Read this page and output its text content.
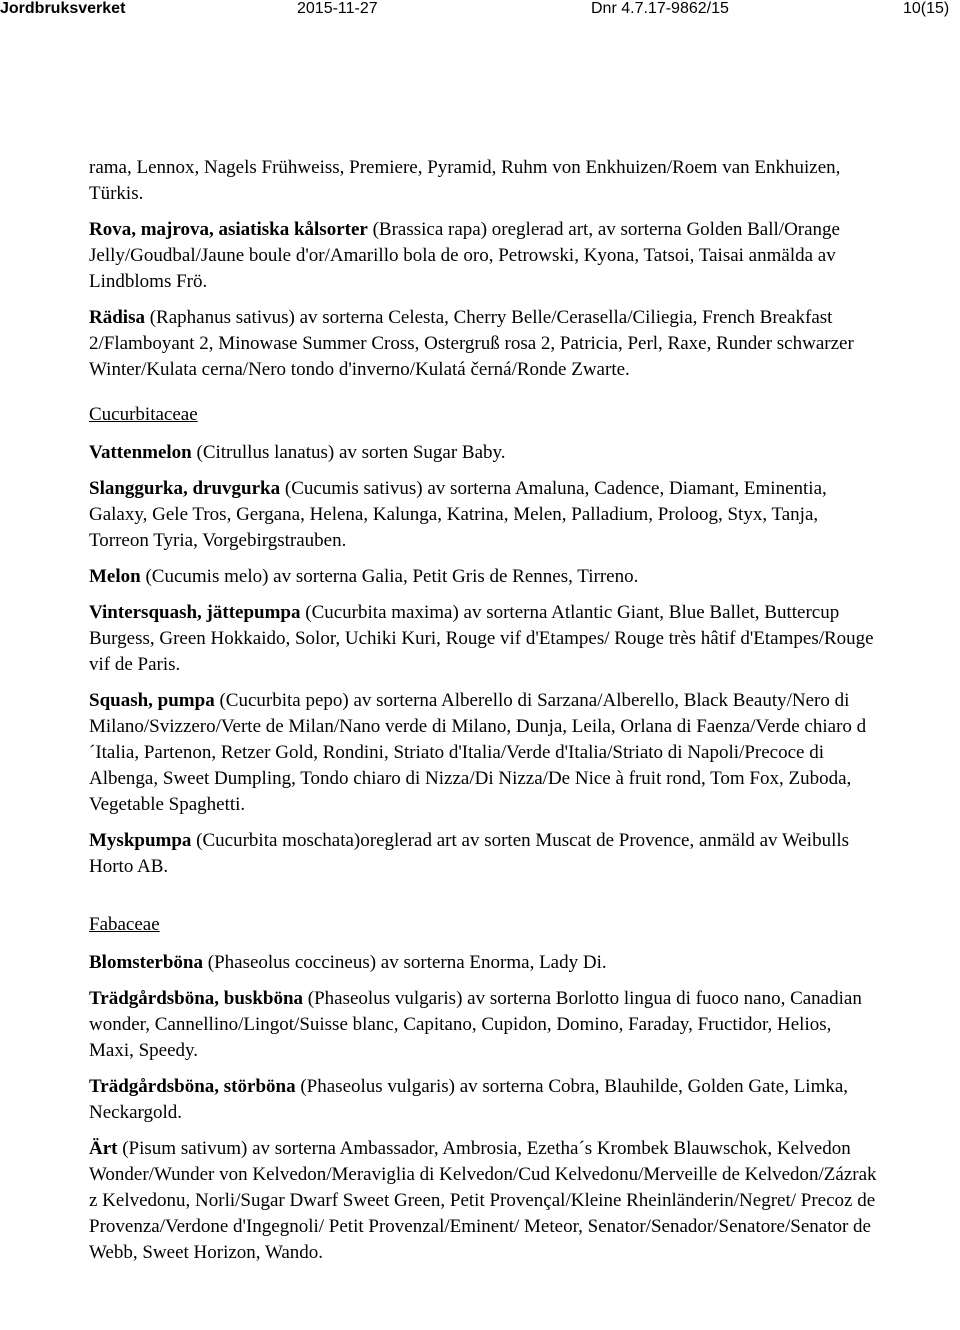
Jordbruksverket	2015-11-27	Dnr 4.7.17-9862/15	10(15)

rama, Lennox, Nagels Frühweiss, Premiere, Pyramid, Ruhm von Enkhuizen/Roem van Enkhuizen, Türkis.

Rova, majrova, asiatiska kålsorter (Brassica rapa) oreglerad art, av sorterna Golden Ball/Orange Jelly/Goudbal/Jaune boule d'or/Amarillo bola de oro, Petrowski, Kyona, Tatsoi, Taisai anmälda av Lindbloms Frö.

Rädisa (Raphanus sativus) av sorterna Celesta, Cherry Belle/Cerasella/Ciliegia, French Breakfast 2/Flamboyant 2, Minowase Summer Cross, Ostergruß rosa 2, Patricia, Perl, Raxe, Runder schwarzer Winter/Kulata cerna/Nero tondo d'inverno/Kulatá černá/Ronde Zwarte.

Cucurbitaceae

Vattenmelon (Citrullus lanatus) av sorten Sugar Baby.

Slanggurka, druvgurka (Cucumis sativus) av sorterna Amaluna, Cadence, Diamant, Eminentia, Galaxy, Gele Tros, Gergana, Helena, Kalunga, Katrina, Melen, Palladium, Proloog, Styx, Tanja, Torreon Tyria, Vorgebirgstrauben.

Melon (Cucumis melo) av sorterna Galia, Petit Gris de Rennes, Tirreno.

Vintersquash, jättepumpa (Cucurbita maxima) av sorterna Atlantic Giant, Blue Ballet, Buttercup Burgess, Green Hokkaido, Solor, Uchiki Kuri, Rouge vif d'Etampes/ Rouge très hâtif d'Etampes/Rouge vif de Paris.

Squash, pumpa (Cucurbita pepo) av sorterna Alberello di Sarzana/Alberello, Black Beauty/Nero di Milano/Svizzero/Verte de Milan/Nano verde di Milano, Dunja, Leila, Orlana di Faenza/Verde chiaro d´Italia, Partenon, Retzer Gold, Rondini, Striato d'Italia/Verde d'Italia/Striato di Napoli/Precoce di Albenga, Sweet Dumpling, Tondo chiaro di Nizza/Di Nizza/De Nice à fruit rond, Tom Fox, Zuboda, Vegetable Spaghetti.

Myskpumpa (Cucurbita moschata)oreglerad art av sorten Muscat de Provence, anmäld av Weibulls Horto AB.

Fabaceae

Blomsterböna (Phaseolus coccineus) av sorterna Enorma, Lady Di.

Trädgårdsböna, buskböna (Phaseolus vulgaris) av sorterna Borlotto lingua di fuoco nano, Canadian wonder, Cannellino/Lingot/Suisse blanc, Capitano, Cupidon, Domino, Faraday, Fructidor, Helios, Maxi, Speedy.

Trädgårdsböna, störböna (Phaseolus vulgaris) av sorterna Cobra, Blauhilde, Golden Gate, Limka, Neckargold.

Ärt (Pisum sativum) av sorterna Ambassador, Ambrosia, Ezetha´s Krombek Blauwschok, Kelvedon Wonder/Wunder von Kelvedon/Meraviglia di Kelvedon/Cud Kelvedonu/Merveille de Kelvedon/Zázrak z Kelvedonu, Norli/Sugar Dwarf Sweet Green, Petit Provençal/Kleine Rheinländerin/Negret/ Precoz de Provenza/Verdone d'Ingegnoli/ Petit Provenzal/Eminent/ Meteor, Senator/Senador/Senatore/Senator de Webb, Sweet Horizon, Wando.
